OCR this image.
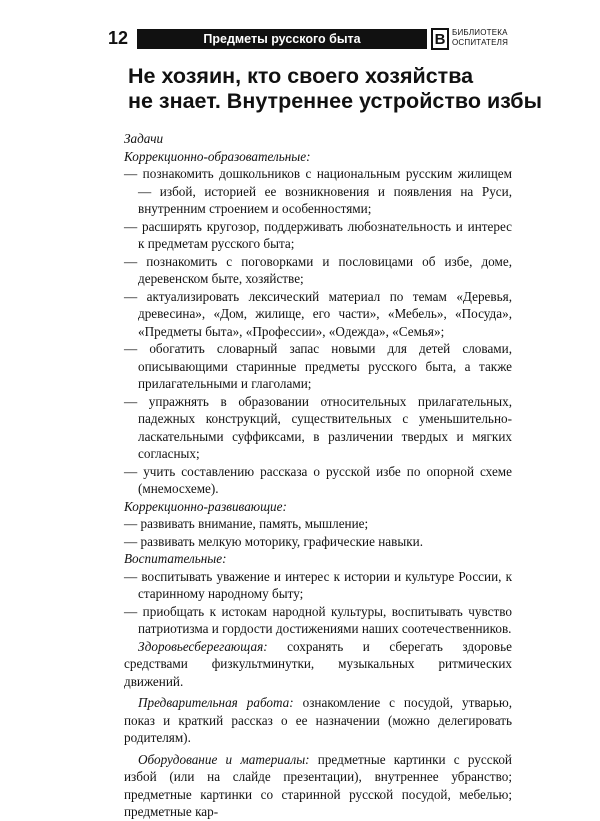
12	Предметы русского быта	В БИБЛИОТЕКА
ОСПИТАТЕЛЯ
Не хозяин, кто своего хозяйства
не знает. Внутреннее устройство избы

Задачи

Коррекционно-образовательные:

— познакомить дошкольников с национальным русским жилищем — избой, историей ее возникновения и появления на Руси, внутренним строением и особенностями;

— расширять кругозор, поддерживать любознательность и интерес к предметам русского быта;

— познакомить с поговорками и пословицами об избе, доме, деревенском быте, хозяйстве;

— актуализировать лексический материал по темам «Деревья, древесина», «Дом, жилище, его части», «Мебель», «Посуда», «Предметы быта», «Профессии», «Одежда», «Семья»;

— обогатить словарный запас новыми для детей словами, описывающими старинные предметы русского быта, а также прилагательными и глаголами;

— упражнять в образовании относительных прилагательных, падежных конструкций, существительных с уменьшительно-ласкательными суффиксами, в различении твердых и мягких согласных;

— учить составлению рассказа о русской избе по опорной схеме (мнемосхеме).

Коррекционно-развивающие:

— развивать внимание, память, мышление;

— развивать мелкую моторику, графические навыки.

Воспитательные:

— воспитывать уважение и интерес к истории и культуре России, к старинному народному быту;

— приобщать к истокам народной культуры, воспитывать чувство патриотизма и гордости достижениями наших соотечественников.

Здоровьесберегающая: сохранять и сберегать здоровье средствами физкультминутки, музыкальных ритмических движений.

Предварительная работа: ознакомление с посудой, утварью, показ и краткий рассказ о ее назначении (можно делегировать родителям).

Оборудование и материалы: предметные картинки с русской избой (или на слайде презентации), внутреннее убранство; предметные картинки со старинной русской посудой, мебелью; предметные кар-
